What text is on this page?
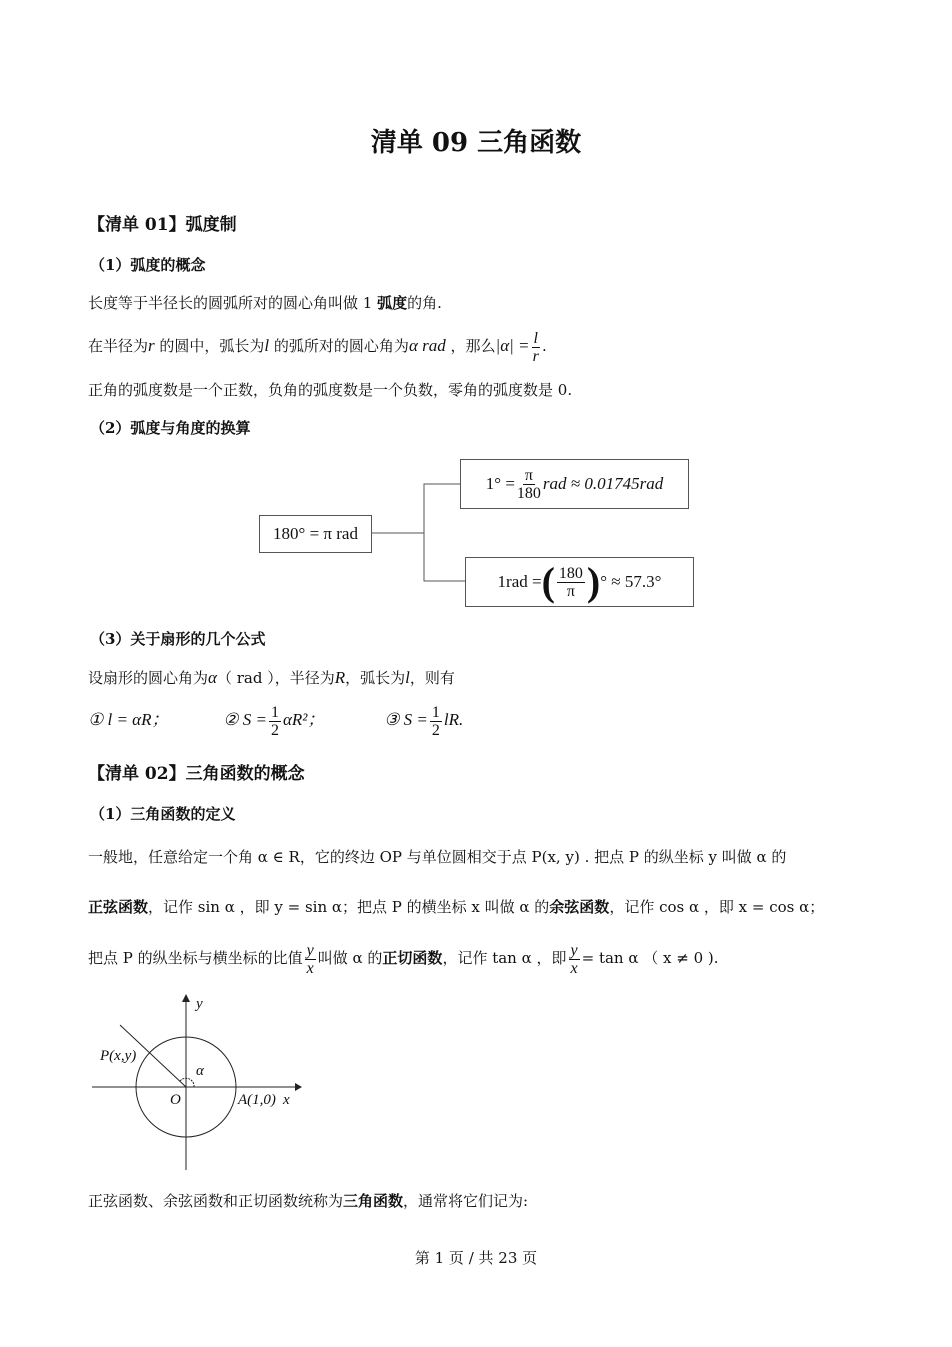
清单 09 三角函数
【清单 01】弧度制
（1）弧度的概念
长度等于半径长的圆弧所对的圆心角叫做 1 弧度的角.
在半径为r 的圆中，弧长为l 的弧所对的圆心角为α rad ，那么$|\alpha| = \frac{l}{r}$ .
正角的弧度数是一个正数，负角的弧度数是一个负数，零角的弧度数是 0.
（2）弧度与角度的换算
180° = π rad
$1^\circ = \frac{\pi}{180}$ rad ≈ 0.01745rad
1rad = ( $\frac{180}{\pi}$ ) ° ≈ 57.3°
（3）关于扇形的几个公式
设扇形的圆心角为α（ rad ），半径为R，弧长为l，则有
① l = αR；	② $S = \frac{1}{2} \alpha R^2$；	③ $S = \frac{1}{2}$ lR.
【清单 02】三角函数的概念
（1）三角函数的定义
一般地，任意给定一个角 α ∈ R，它的终边 OP 与单位圆相交于点 P(x, y) . 把点 P 的纵坐标 y 叫做 α 的
正弦函数，记作 sin α ，即 y = sin α；把点 P 的横坐标 x 叫做 α 的余弦函数，记作 cos α ，即 x = cos α；
把点 P 的纵坐标与横坐标的比值 $\frac{y}{x}$ 叫做 α 的正切函数，记作 tan α ，即 $\frac{y}{x} = \tan \alpha$ （ x ≠ 0 ).
y
x
P(x,y)
α
O	A(1,0)
正弦函数、余弦函数和正切函数统称为三角函数，通常将它们记为:
第 1 页 / 共 23 页
